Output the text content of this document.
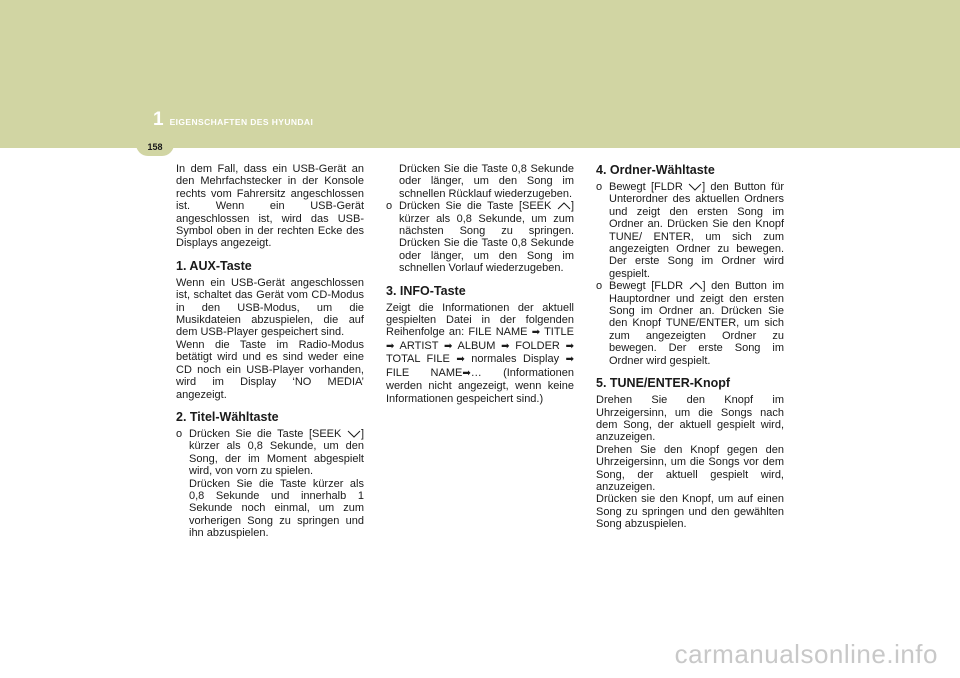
1 EIGENSCHAFTEN DES HYUNDAI
158

In dem Fall, dass ein USB-Gerät an den Mehrfachstecker in der Konsole rechts vom Fahrersitz angeschlossen ist. Wenn ein USB-Gerät angeschlossen ist, wird das USB-Symbol oben in der rechten Ecke des Displays angezeigt.

1. AUX-Taste

Wenn ein USB-Gerät angeschlossen ist, schaltet das Gerät vom CD-Modus in den USB-Modus, um die Musikdateien abzuspielen, die auf dem USB-Player gespeichert sind.

Wenn die Taste im Radio-Modus betätigt wird und es sind weder eine CD noch ein USB-Player vorhanden, wird im Display ‘NO MEDIA’ angezeigt.

2. Titel-Wähltaste
o Drücken Sie die Taste [SEEK
] kürzer als 0,8 Sekunde, um den Song, der im Moment abgespielt wird, von vorn zu spielen.

Drücken Sie die Taste kürzer als 0,8 Sekunde und innerhalb 1 Sekunde noch einmal, um zum vorherigen Song zu springen und ihn abzuspielen.

Drücken Sie die Taste 0,8 Sekunde oder länger, um den Song im schnellen Rücklauf wiederzugeben.

o Drücken Sie die Taste [SEEK
] kürzer als 0,8 Sekunde, um zum nächsten Song zu springen. Drücken Sie die Taste 0,8 Sekunde oder länger, um den Song im schnellen Vorlauf wiederzugeben.
3. INFO-Taste

Zeigt die Informationen der aktuell gespielten Datei in der folgenden Reihenfolge an: FILE NAME ➡ TITLE ➡ ARTIST ➡ ALBUM ➡ FOLDER ➡ TOTAL FILE ➡ normales Display ➡ FILE NAME➡… (Informationen werden nicht angezeigt, wenn keine Informationen gespeichert sind.)

4. Ordner-Wähltaste
o Bewegt [FLDR
] den Button für Unterordner des aktuellen Ordners und zeigt den ersten Song im Ordner an. Drücken Sie den Knopf TUNE/ ENTER, um sich zum angezeigten Ordner zu bewegen. Der erste Song im Ordner wird gespielt.
o Bewegt [FLDR
] den Button im Hauptordner und zeigt den ersten Song im Ordner an. Drücken Sie den Knopf TUNE/ENTER, um sich zum angezeigten Ordner zu bewegen. Der erste Song im Ordner wird gespielt.
5. TUNE/ENTER-Knopf

Drehen Sie den Knopf im Uhrzeigersinn, um die Songs nach dem Song, der aktuell gespielt wird, anzuzeigen.

Drehen Sie den Knopf gegen den Uhrzeigersinn, um die Songs vor dem Song, der aktuell gespielt wird, anzuzeigen.

Drücken sie den Knopf, um auf einen Song zu springen und den gewählten Song abzuspielen.

carmanualsonline.info
